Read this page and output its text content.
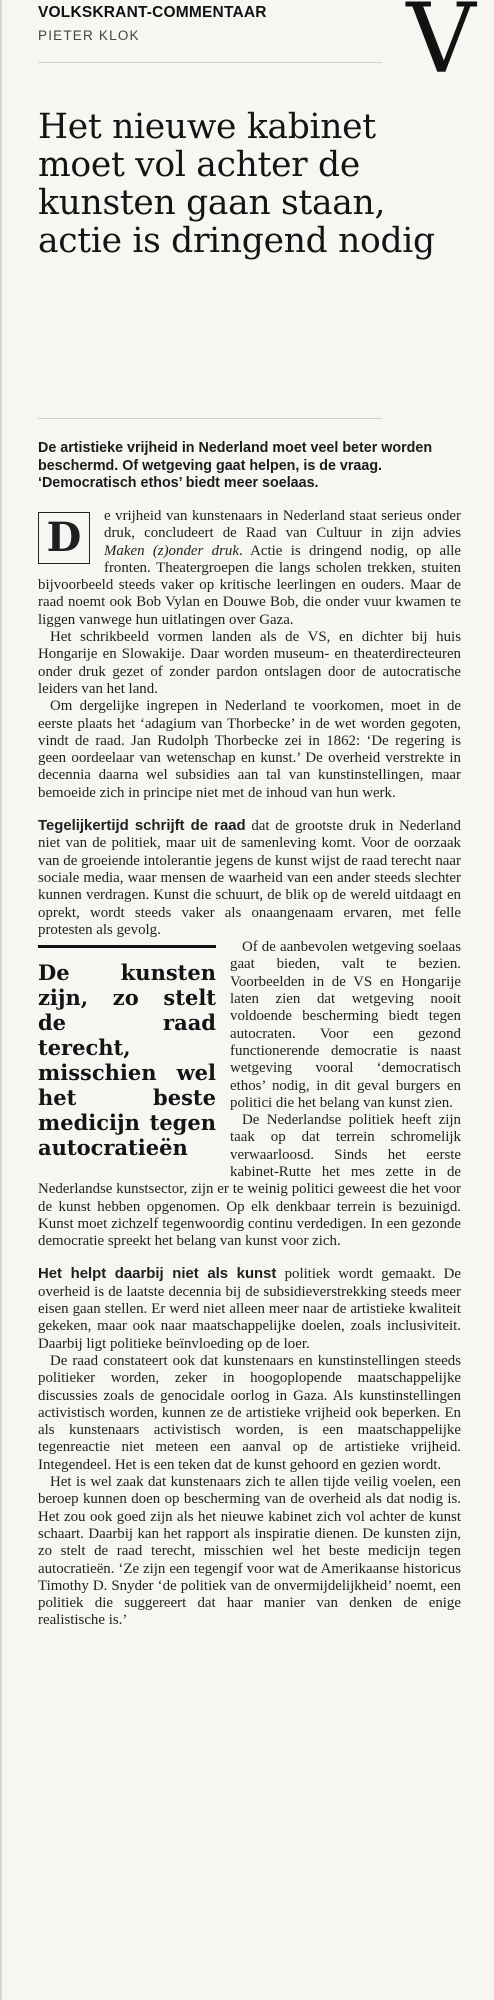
VOLKSKRANT-COMMENTAAR
PIETER KLOK	V
Het nieuwe kabinet moet vol achter de kunsten gaan staan, actie is dringend nodig

De artistieke vrijheid in Nederland moet veel beter worden beschermd. Of wetgeving gaat helpen, is de vraag. ‘Democratisch ethos’ biedt meer soelaas.

D	e vrijheid van kunstenaars in Nederland staat serieus onder druk, concludeert de Raad van Cultuur in zijn advies Maken (z)onder druk. Actie is dringend nodig, op alle fronten. Theatergroepen die langs scholen trekken, stuiten bijvoorbeeld steeds vaker op kritische leerlingen en ouders. Maar de raad noemt ook Bob Vylan en Douwe Bob, die onder vuur kwamen te liggen vanwege hun uitlatingen over Gaza.

Het schrikbeeld vormen landen als de VS, en dichter bij huis Hongarije en Slowakije. Daar worden museum- en theaterdirecteuren onder druk gezet of zonder pardon ontslagen door de autocratische leiders van het land.

Om dergelijke ingrepen in Nederland te voorkomen, moet in de eerste plaats het ‘adagium van Thorbecke’ in de wet worden gegoten, vindt de raad. Jan Rudolph Thorbecke zei in 1862: ‘De regering is geen oordeelaar van wetenschap en kunst.’ De overheid verstrekte in decennia daarna wel subsidies aan tal van kunstinstellingen, maar bemoeide zich in principe niet met de inhoud van hun werk.

Tegelijkertijd schrijft de raad dat de grootste druk in Nederland niet van de politiek, maar uit de samenleving komt. Voor de oorzaak van de groeiende intolerantie jegens de kunst wijst de raad terecht naar sociale media, waar mensen de waarheid van een ander steeds slechter kunnen verdragen. Kunst die schuurt, de blik op de wereld uitdaagt en oprekt, wordt steeds vaker als onaangenaam ervaren, met felle protesten als gevolg.

De kunsten zijn, zo stelt de raad terecht, misschien wel het beste medicijn tegen autocratieën
Of de aanbevolen wetgeving soelaas gaat bieden, valt te bezien. Voorbeelden in de VS en Hongarije laten zien dat wetgeving nooit voldoende bescherming biedt tegen autocraten. Voor een gezond functionerende democratie is naast wetgeving vooral ‘democratisch ethos’ nodig, in dit geval burgers en politici die het belang van kunst zien.

De Nederlandse politiek heeft zijn taak op dat terrein schromelijk verwaarloosd. Sinds het eerste kabinet-Rutte het mes zette in de Nederlandse kunstsector, zijn er te weinig politici geweest die het voor de kunst hebben opgenomen. Op elk denkbaar terrein is bezuinigd. Kunst moet zichzelf tegenwoordig continu verdedigen. In een gezonde democratie spreekt het belang van kunst voor zich.

Het helpt daarbij niet als kunst politiek wordt gemaakt. De overheid is de laatste decennia bij de subsidieverstrekking steeds meer eisen gaan stellen. Er werd niet alleen meer naar de artistieke kwaliteit gekeken, maar ook naar maatschappelijke doelen, zoals inclusiviteit. Daarbij ligt politieke beïnvloeding op de loer.

De raad constateert ook dat kunstenaars en kunstinstellingen steeds politieker worden, zeker in hoogoplopende maatschappelijke discussies zoals de genocidale oorlog in Gaza. Als kunstinstellingen activistisch worden, kunnen ze de artistieke vrijheid ook beperken. En als kunstenaars activistisch worden, is een maatschappelijke tegenreactie niet meteen een aanval op de artistieke vrijheid. Integendeel. Het is een teken dat de kunst gehoord en gezien wordt.

Het is wel zaak dat kunstenaars zich te allen tijde veilig voelen, een beroep kunnen doen op bescherming van de overheid als dat nodig is. Het zou ook goed zijn als het nieuwe kabinet zich vol achter de kunst schaart. Daarbij kan het rapport als inspiratie dienen. De kunsten zijn, zo stelt de raad terecht, misschien wel het beste medicijn tegen autocratieën. ‘Ze zijn een tegengif voor wat de Amerikaanse historicus Timothy D. Snyder ‘de politiek van de onvermijdelijkheid’ noemt, een politiek die suggereert dat haar manier van denken de enige realistische is.’
